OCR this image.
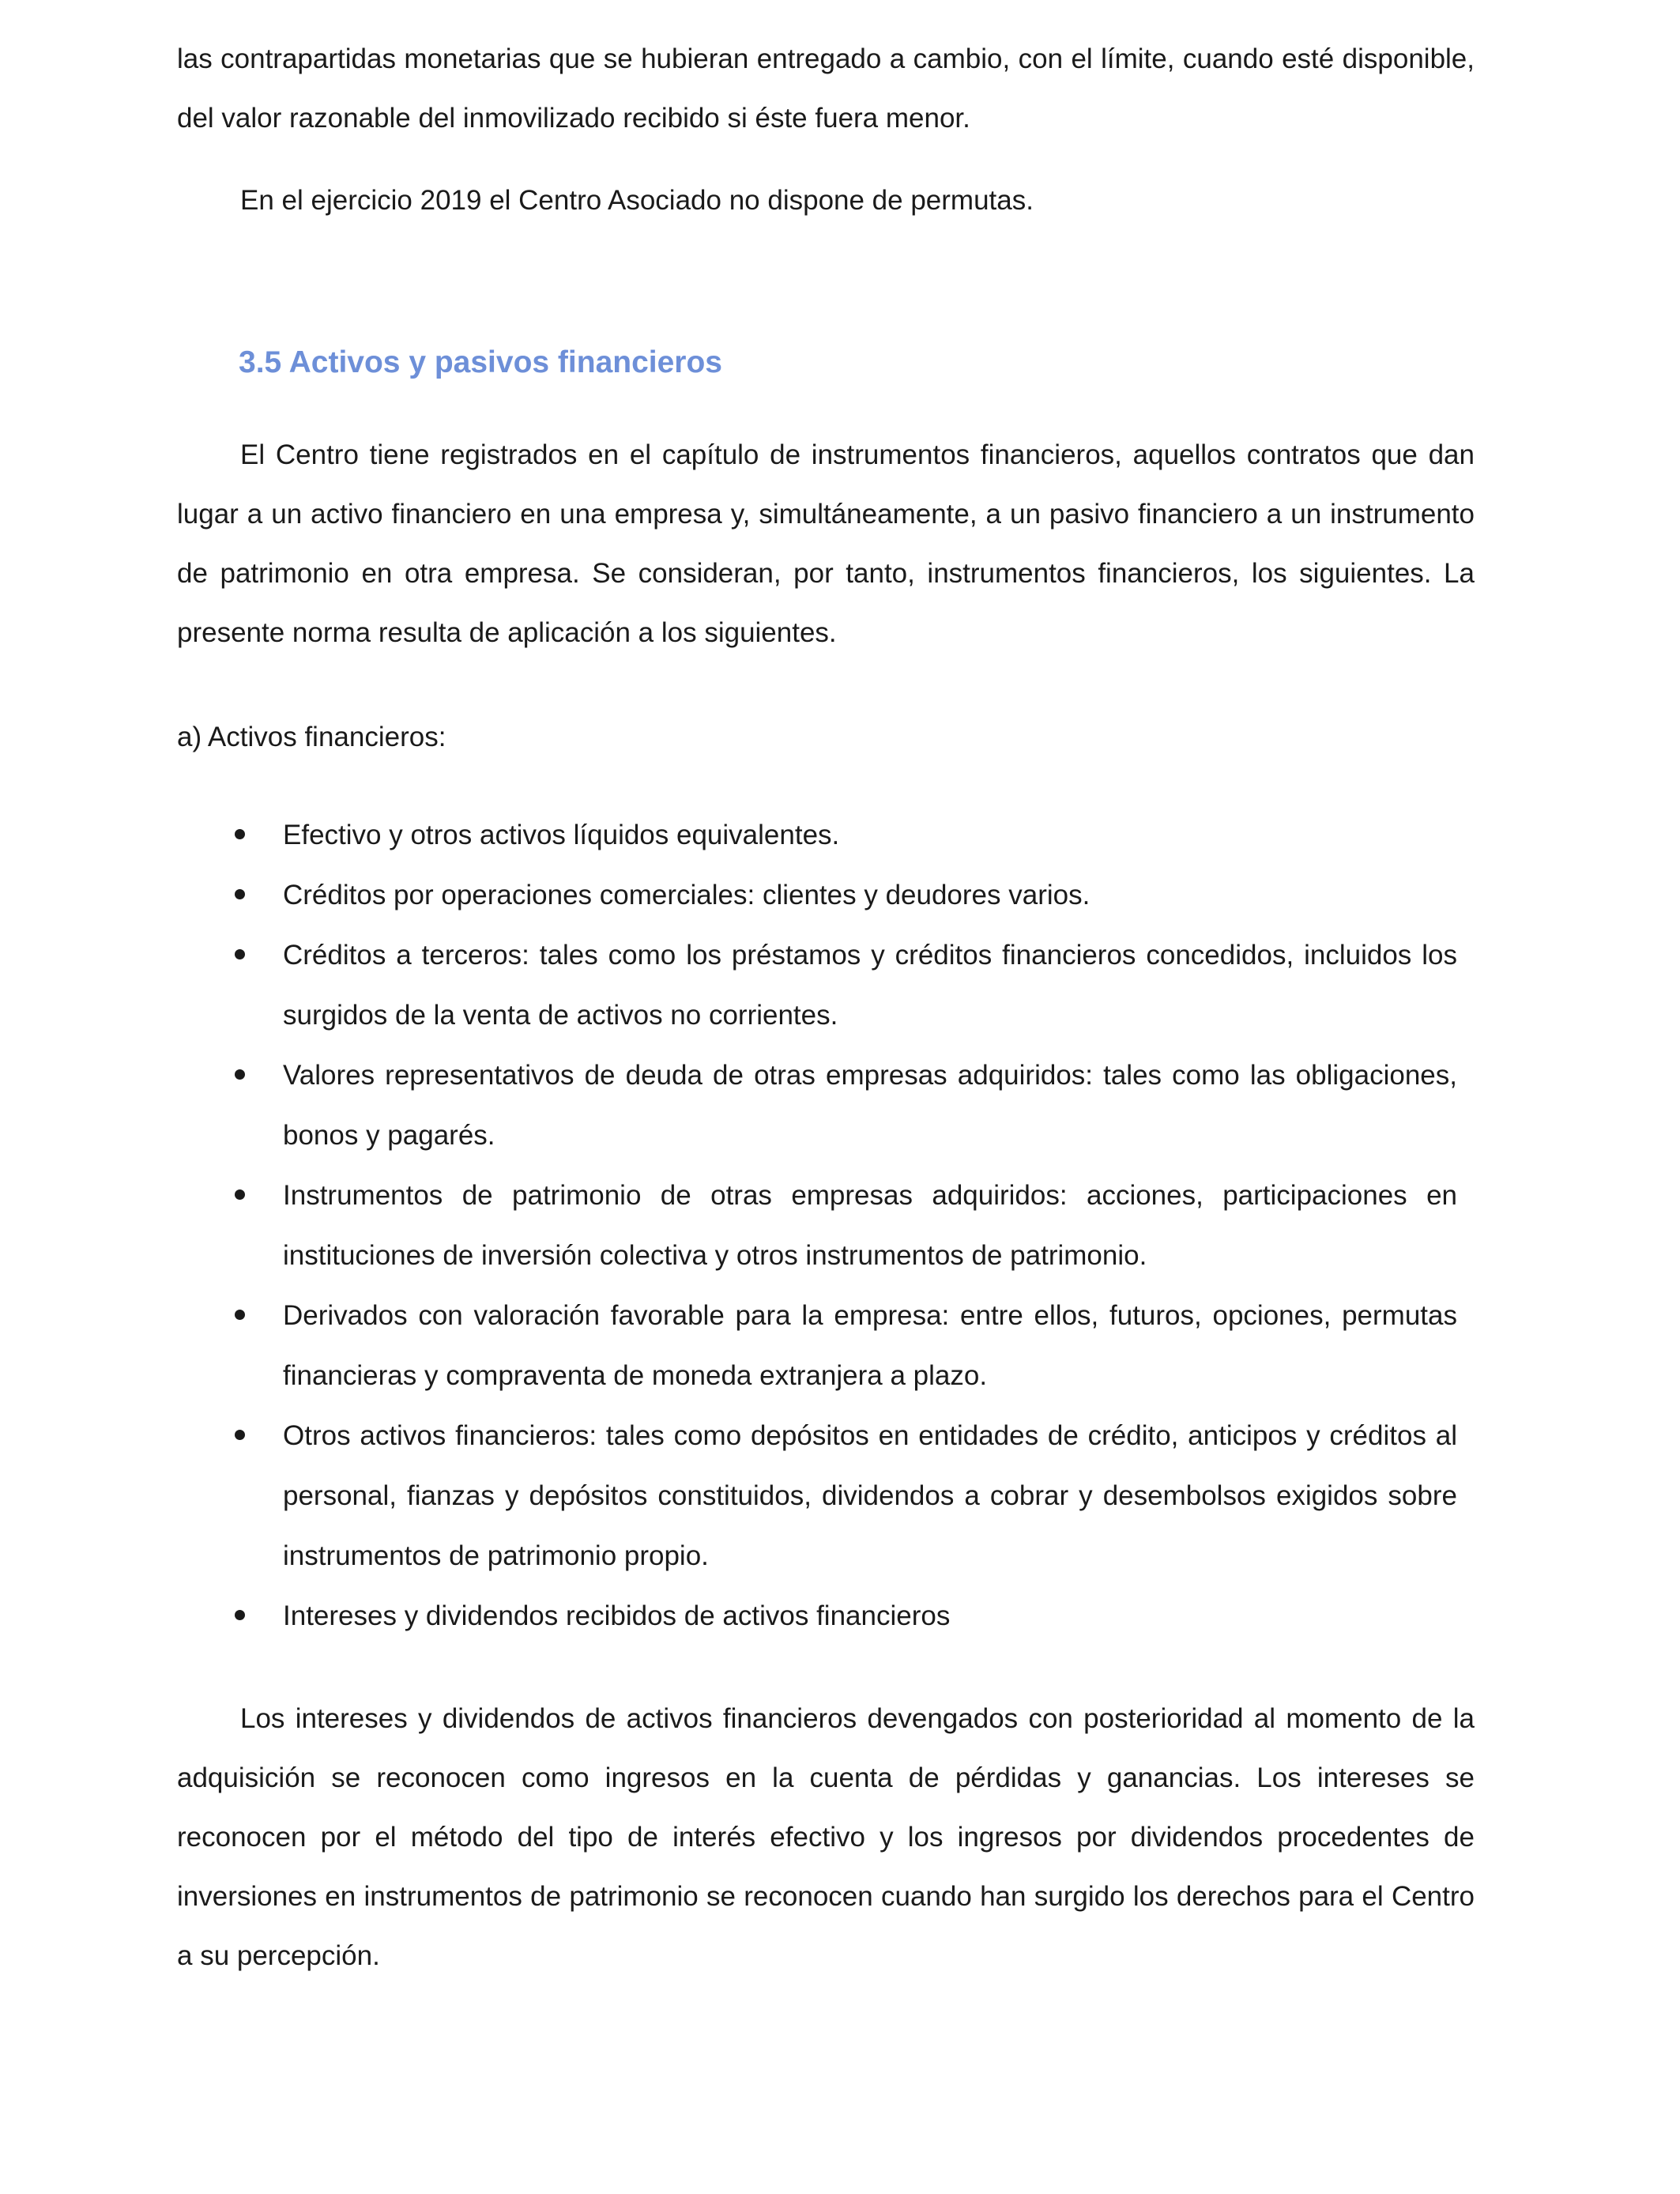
las contrapartidas monetarias que se hubieran entregado a cambio, con el límite, cuando esté disponible, del valor razonable del inmovilizado recibido si éste fuera menor.

En el ejercicio 2019 el Centro Asociado no dispone de permutas.

3.5 Activos y pasivos financieros

El Centro tiene registrados en el capítulo de instrumentos financieros, aquellos contratos que dan lugar a un activo financiero en una empresa y, simultáneamente, a un pasivo financiero a un instrumento de patrimonio en otra empresa. Se consideran, por tanto, instrumentos financieros, los siguientes. La presente norma resulta de aplicación a los siguientes.

a) Activos financieros:

Efectivo y otros activos líquidos equivalentes.
Créditos por operaciones comerciales: clientes y deudores varios.
Créditos a terceros: tales como los préstamos y créditos financieros concedidos, incluidos los surgidos de la venta de activos no corrientes.
Valores representativos de deuda de otras empresas adquiridos: tales como las obligaciones, bonos y pagarés.
Instrumentos de patrimonio de otras empresas adquiridos: acciones, participaciones en instituciones de inversión colectiva y otros instrumentos de patrimonio.
Derivados con valoración favorable para la empresa: entre ellos, futuros, opciones, permutas financieras y compraventa de moneda extranjera a plazo.
Otros activos financieros: tales como depósitos en entidades de crédito, anticipos y créditos al personal, fianzas y depósitos constituidos, dividendos a cobrar y desembolsos exigidos sobre instrumentos de patrimonio propio.
Intereses y dividendos recibidos de activos financieros

Los intereses y dividendos de activos financieros devengados con posterioridad al momento de la adquisición se reconocen como ingresos en la cuenta de pérdidas y ganancias. Los intereses se reconocen por el método del tipo de interés efectivo y los ingresos por dividendos procedentes de inversiones en instrumentos de patrimonio se reconocen cuando han surgido los derechos para el Centro a su percepción.
